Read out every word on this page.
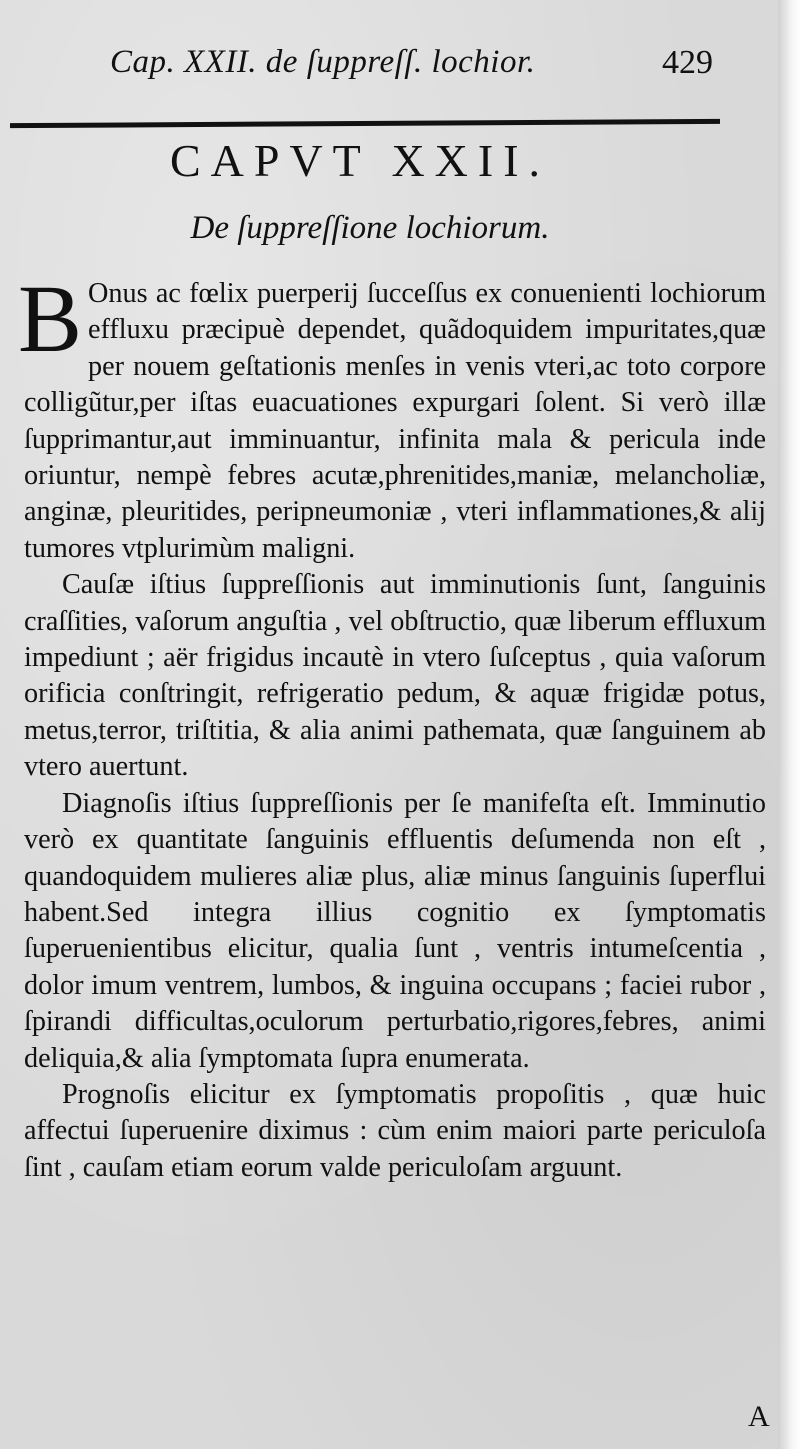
Cap. XXII. de ſuppreſſ. lochior.	429
CAPVT XXII.
De ſuppreſſione lochiorum.

B Onus ac fœlix puerperij ſucceſſus ex conuenienti lochiorum effluxu præcipuè dependet, quãdoquidem impuritates,quæ per nouem geſtationis menſes in venis vteri,ac toto corpore colligũtur,per iſtas euacuationes expurgari ſolent. Si verò illæ ſupprimantur,aut imminuantur, infinita mala & pericula inde oriuntur, nempè febres acutæ,phrenitides,maniæ, melancholiæ, anginæ, pleuritides, peripneumoniæ , vteri inflammationes,& alij tumores vtplurimùm maligni.

Cauſæ iſtius ſuppreſſionis aut imminutionis ſunt, ſanguinis craſſities, vaſorum anguſtia , vel obſtructio, quæ liberum effluxum impediunt ; aër frigidus incautè in vtero ſuſceptus , quia vaſorum orificia conſtringit, refrigeratio pedum, & aquæ frigidæ potus, metus,terror, triſtitia, & alia animi pathemata, quæ ſanguinem ab vtero auertunt.

Diagnoſis iſtius ſuppreſſionis per ſe manifeſta eſt. Imminutio verò ex quantitate ſanguinis effluentis deſumenda non eſt , quandoquidem mulieres aliæ plus, aliæ minus ſanguinis ſuperflui habent.Sed integra illius cognitio ex ſymptomatis ſuperuenientibus elicitur, qualia ſunt , ventris intumeſcentia , dolor imum ventrem, lumbos, & inguina occupans ; faciei rubor , ſpirandi difficultas,oculorum perturbatio,rigores,febres, animi deliquia,& alia ſymptomata ſupra enumerata.

Prognoſis elicitur ex ſymptomatis propoſitis , quæ huic affectui ſuperuenire diximus : cùm enim maiori parte periculoſa ſint , cauſam etiam eorum valde periculoſam arguunt.

A
